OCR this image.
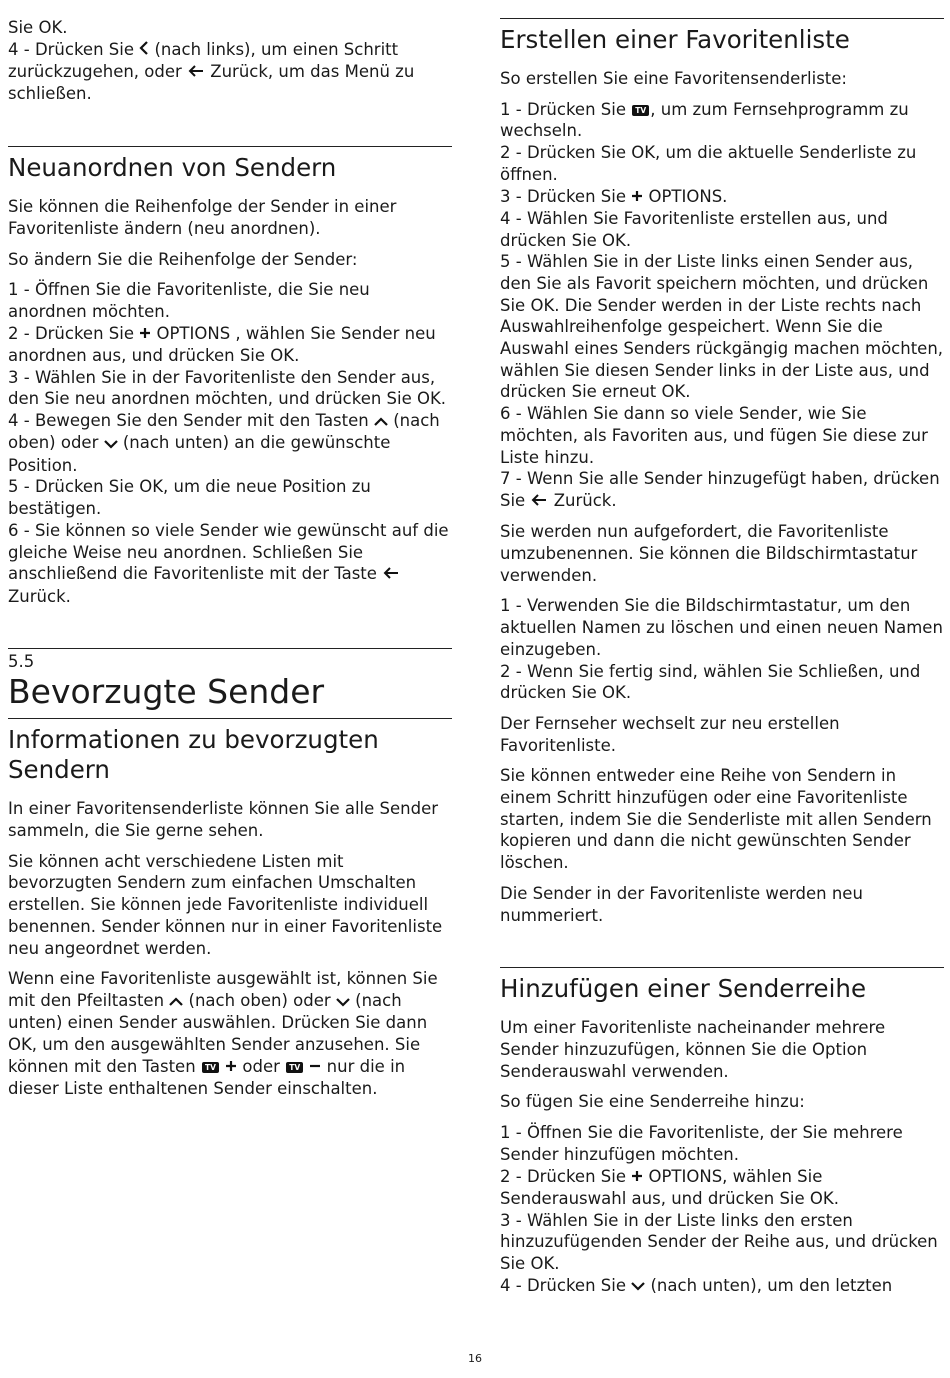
Sie OK.

4 - Drücken Sie  (nach links), um einen Schritt zurückzugehen, oder  Zurück, um das Menü zu schließen.

Neuanordnen von Sendern

Sie können die Reihenfolge der Sender in einer Favoritenliste ändern (neu anordnen).

So ändern Sie die Reihenfolge der Sender:

1 - Öffnen Sie die Favoritenliste, die Sie neu anordnen möchten.

2 - Drücken Sie  OPTIONS , wählen Sie Sender neu anordnen aus, und drücken Sie OK.

3 - Wählen Sie in der Favoritenliste den Sender aus, den Sie neu anordnen möchten, und drücken Sie OK.

4 - Bewegen Sie den Sender mit den Tasten  (nach oben) oder  (nach unten) an die gewünschte Position.

5 - Drücken Sie OK, um die neue Position zu bestätigen.

6 - Sie können so viele Sender wie gewünscht auf die gleiche Weise neu anordnen. Schließen Sie anschließend die Favoritenliste mit der Taste  Zurück.

5.5
Bevorzugte Sender
Informationen zu bevorzugten Sendern

In einer Favoritensenderliste können Sie alle Sender sammeln, die Sie gerne sehen.

Sie können acht verschiedene Listen mit bevorzugten Sendern zum einfachen Umschalten erstellen. Sie können jede Favoritenliste individuell benennen. Sender können nur in einer Favoritenliste neu angeordnet werden.

Wenn eine Favoritenliste ausgewählt ist, können Sie mit den Pfeiltasten  (nach oben) oder  (nach unten) einen Sender auswählen. Drücken Sie dann OK, um den ausgewählten Sender anzusehen. Sie können mit den Tasten TV  oder TV  nur die in dieser Liste enthaltenen Sender einschalten.

Erstellen einer Favoritenliste

So erstellen Sie eine Favoritensenderliste:

1 - Drücken Sie TV , um zum Fernsehprogramm zu wechseln.

2 - Drücken Sie OK, um die aktuelle Senderliste zu öffnen.

3 - Drücken Sie  OPTIONS.

4 - Wählen Sie Favoritenliste erstellen aus, und drücken Sie OK.

5 - Wählen Sie in der Liste links einen Sender aus, den Sie als Favorit speichern möchten, und drücken Sie OK. Die Sender werden in der Liste rechts nach Auswahlreihenfolge gespeichert. Wenn Sie die Auswahl eines Senders rückgängig machen möchten, wählen Sie diesen Sender links in der Liste aus, und drücken Sie erneut OK.

6 - Wählen Sie dann so viele Sender, wie Sie möchten, als Favoriten aus, und fügen Sie diese zur Liste hinzu.

7 - Wenn Sie alle Sender hinzugefügt haben, drücken Sie  Zurück.

Sie werden nun aufgefordert, die Favoritenliste umzubenennen. Sie können die Bildschirmtastatur verwenden.

1 - Verwenden Sie die Bildschirmtastatur, um den aktuellen Namen zu löschen und einen neuen Namen einzugeben.

2 - Wenn Sie fertig sind, wählen Sie Schließen, und drücken Sie OK.

Der Fernseher wechselt zur neu erstellen Favoritenliste.

Sie können entweder eine Reihe von Sendern in einem Schritt hinzufügen oder eine Favoritenliste starten, indem Sie die Senderliste mit allen Sendern kopieren und dann die nicht gewünschten Sender löschen.

Die Sender in der Favoritenliste werden neu nummeriert.

Hinzufügen einer Senderreihe

Um einer Favoritenliste nacheinander mehrere Sender hinzuzufügen, können Sie die Option Senderauswahl verwenden.

So fügen Sie eine Senderreihe hinzu:

1 - Öffnen Sie die Favoritenliste, der Sie mehrere Sender hinzufügen möchten.

2 - Drücken Sie  OPTIONS, wählen Sie Senderauswahl aus, und drücken Sie OK.

3 - Wählen Sie in der Liste links den ersten hinzuzufügenden Sender der Reihe aus, und drücken Sie OK.

4 - Drücken Sie  (nach unten), um den letzten

16
